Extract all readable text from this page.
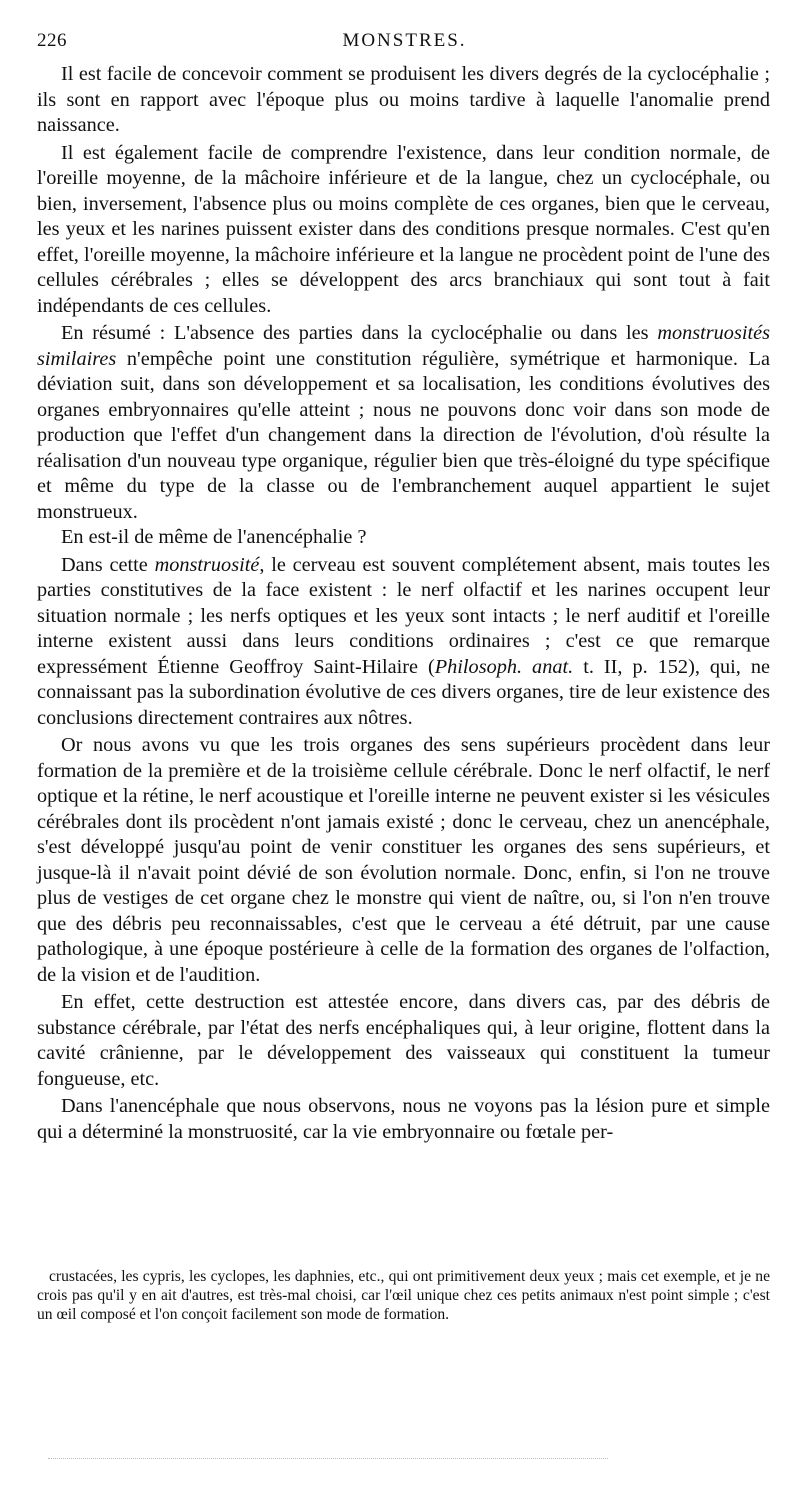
226	MONSTRES.

Il est facile de concevoir comment se produisent les divers degrés de la cyclocéphalie ; ils sont en rapport avec l'époque plus ou moins tardive à laquelle l'anomalie prend naissance.

Il est également facile de comprendre l'existence, dans leur condition normale, de l'oreille moyenne, de la mâchoire inférieure et de la langue, chez un cyclocéphale, ou bien, inversement, l'absence plus ou moins complète de ces organes, bien que le cerveau, les yeux et les narines puissent exister dans des conditions presque normales. C'est qu'en effet, l'oreille moyenne, la mâchoire inférieure et la langue ne procèdent point de l'une des cellules cérébrales ; elles se développent des arcs branchiaux qui sont tout à fait indépendants de ces cellules.

En résumé : L'absence des parties dans la cyclocéphalie ou dans les monstruosités similaires n'empêche point une constitution régulière, symétrique et harmonique. La déviation suit, dans son développement et sa localisation, les conditions évolutives des organes embryonnaires qu'elle atteint ; nous ne pouvons donc voir dans son mode de production que l'effet d'un changement dans la direction de l'évolution, d'où résulte la réalisation d'un nouveau type organique, régulier bien que très-éloigné du type spécifique et même du type de la classe ou de l'embranchement auquel appartient le sujet monstrueux.

En est-il de même de l'anencéphalie ?

Dans cette monstruosité, le cerveau est souvent complétement absent, mais toutes les parties constitutives de la face existent : le nerf olfactif et les narines occupent leur situation normale ; les nerfs optiques et les yeux sont intacts ; le nerf auditif et l'oreille interne existent aussi dans leurs conditions ordinaires ; c'est ce que remarque expressément Étienne Geoffroy Saint-Hilaire (Philosoph. anat. t. II, p. 152), qui, ne connaissant pas la subordination évolutive de ces divers organes, tire de leur existence des conclusions directement contraires aux nôtres.

Or nous avons vu que les trois organes des sens supérieurs procèdent dans leur formation de la première et de la troisième cellule cérébrale. Donc le nerf olfactif, le nerf optique et la rétine, le nerf acoustique et l'oreille interne ne peuvent exister si les vésicules cérébrales dont ils procèdent n'ont jamais existé ; donc le cerveau, chez un anencéphale, s'est développé jusqu'au point de venir constituer les organes des sens supérieurs, et jusque-là il n'avait point dévié de son évolution normale. Donc, enfin, si l'on ne trouve plus de vestiges de cet organe chez le monstre qui vient de naître, ou, si l'on n'en trouve que des débris peu reconnaissables, c'est que le cerveau a été détruit, par une cause pathologique, à une époque postérieure à celle de la formation des organes de l'olfaction, de la vision et de l'audition.

En effet, cette destruction est attestée encore, dans divers cas, par des débris de substance cérébrale, par l'état des nerfs encéphaliques qui, à leur origine, flottent dans la cavité crânienne, par le développement des vaisseaux qui constituent la tumeur fongueuse, etc.

Dans l'anencéphale que nous observons, nous ne voyons pas la lésion pure et simple qui a déterminé la monstruosité, car la vie embryonnaire ou fœtale per-

crustacées, les cypris, les cyclopes, les daphnies, etc., qui ont primitivement deux yeux ; mais cet exemple, et je ne crois pas qu'il y en ait d'autres, est très-mal choisi, car l'œil unique chez ces petits animaux n'est point simple ; c'est un œil composé et l'on conçoit facilement son mode de formation.
